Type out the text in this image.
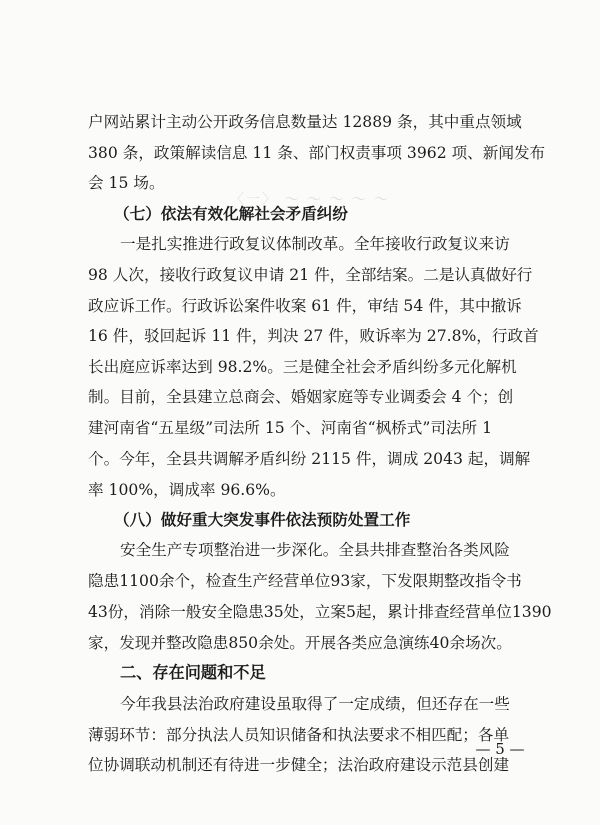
〈一〉 ～ ～ ～ ～ ～
户网站累计主动公开政务信息数量达 12889 条，其中重点领域
380 条，政策解读信息 11 条、部门权责事项 3962 项、新闻发布
会 15 场。
（七）依法有效化解社会矛盾纠纷
一是扎实推进行政复议体制改革。全年接收行政复议来访
98 人次，接收行政复议申请 21 件，全部结案。二是认真做好行
政应诉工作。行政诉讼案件收案 61 件，审结 54 件，其中撤诉
16 件，驳回起诉 11 件，判决 27 件，败诉率为 27.8%，行政首
长出庭应诉率达到 98.2%。三是健全社会矛盾纠纷多元化解机
制。目前，全县建立总商会、婚姻家庭等专业调委会 4 个；创
建河南省“五星级”司法所 15 个、河南省“枫桥式”司法所 1
个。今年，全县共调解矛盾纠纷 2115 件，调成 2043 起，调解
率 100%，调成率 96.6%。
（八）做好重大突发事件依法预防处置工作
安全生产专项整治进一步深化。全县共排查整治各类风险
隐患1100余个，检查生产经营单位93家，下发限期整改指令书
43份，消除一般安全隐患35处，立案5起，累计排查经营单位1390
家，发现并整改隐患850余处。开展各类应急演练40余场次。
二、存在问题和不足
今年我县法治政府建设虽取得了一定成绩，但还存在一些
薄弱环节：部分执法人员知识储备和执法要求不相匹配；各单
位协调联动机制还有待进一步健全；法治政府建设示范县创建
— 5 —
